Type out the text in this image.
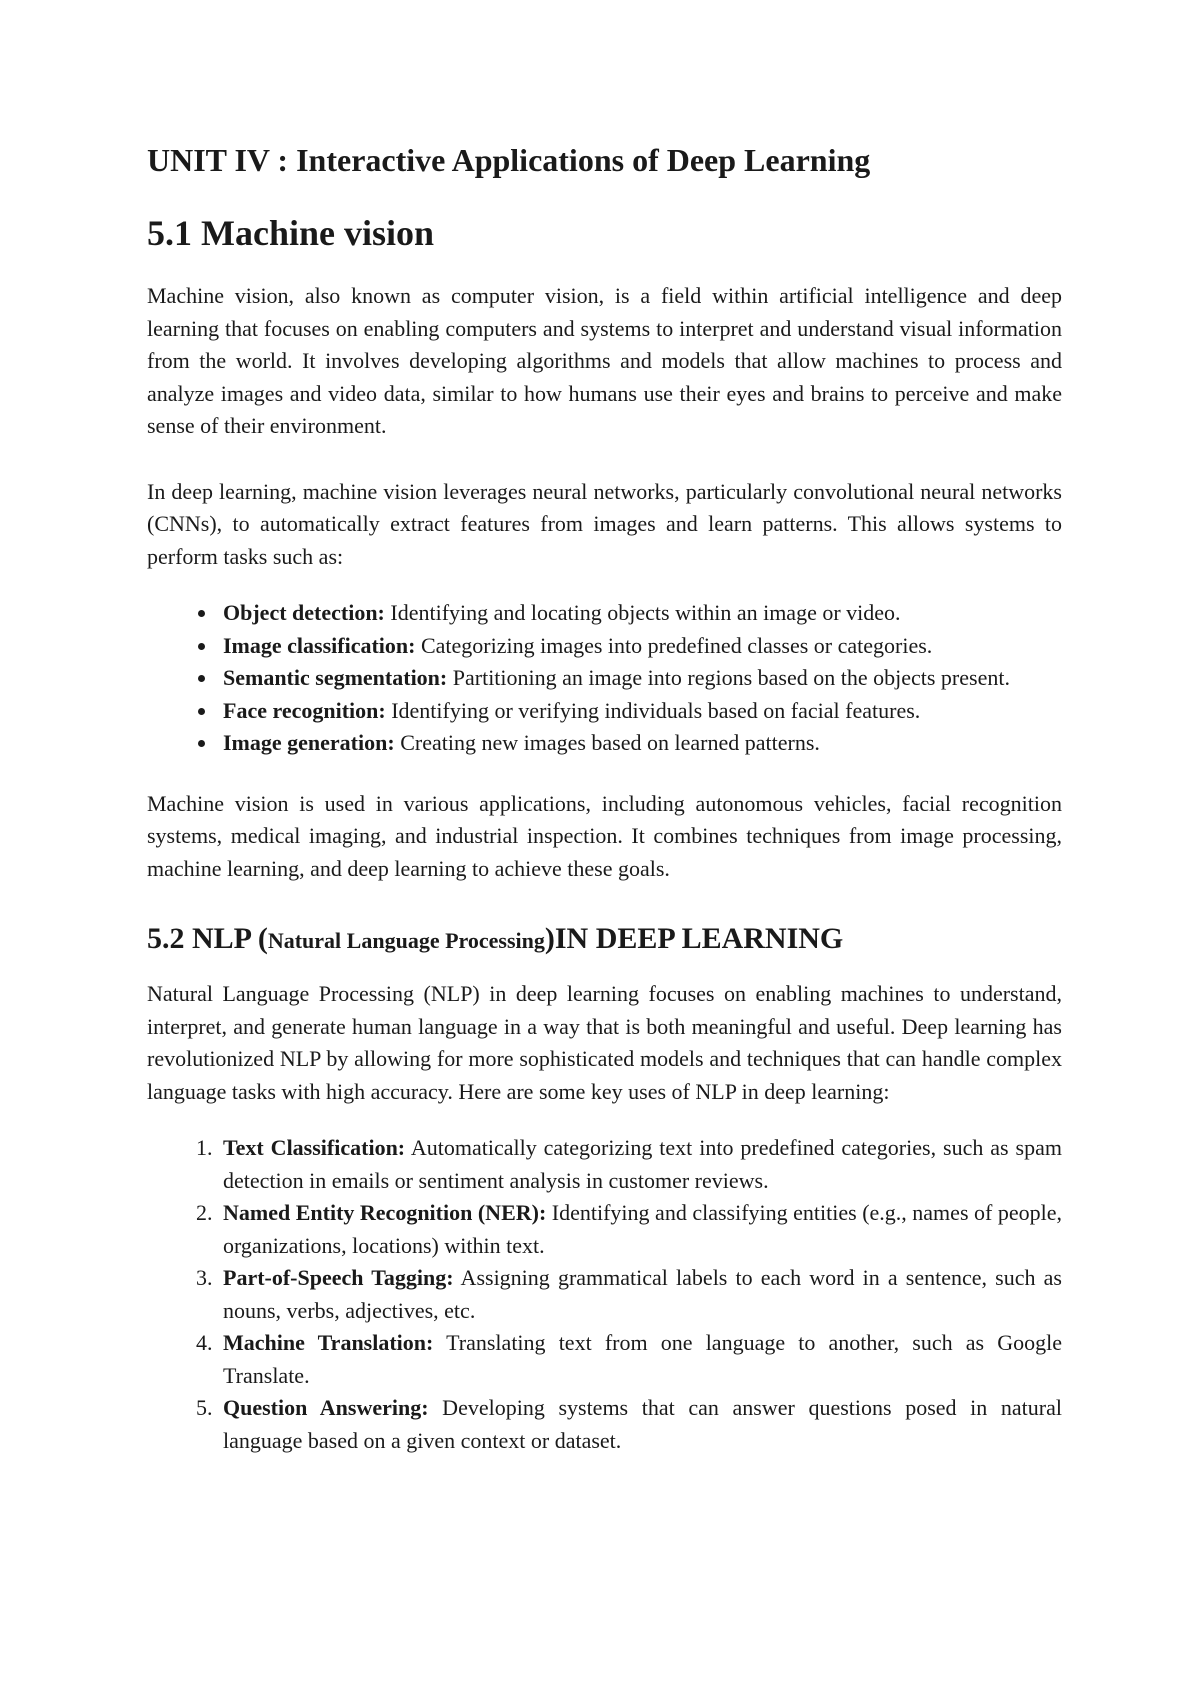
UNIT IV : Interactive Applications of Deep Learning
5.1 Machine vision

Machine vision, also known as computer vision, is a field within artificial intelligence and deep learning that focuses on enabling computers and systems to interpret and understand visual information from the world. It involves developing algorithms and models that allow machines to process and analyze images and video data, similar to how humans use their eyes and brains to perceive and make sense of their environment.

In deep learning, machine vision leverages neural networks, particularly convolutional neural networks (CNNs), to automatically extract features from images and learn patterns. This allows systems to perform tasks such as:

• Object detection: Identifying and locating objects within an image or video.
• Image classification: Categorizing images into predefined classes or categories.
• Semantic segmentation: Partitioning an image into regions based on the objects present.
• Face recognition: Identifying or verifying individuals based on facial features.
• Image generation: Creating new images based on learned patterns.

Machine vision is used in various applications, including autonomous vehicles, facial recognition systems, medical imaging, and industrial inspection. It combines techniques from image processing, machine learning, and deep learning to achieve these goals.

5.2 NLP (Natural Language Processing)IN DEEP LEARNING

Natural Language Processing (NLP) in deep learning focuses on enabling machines to understand, interpret, and generate human language in a way that is both meaningful and useful. Deep learning has revolutionized NLP by allowing for more sophisticated models and techniques that can handle complex language tasks with high accuracy. Here are some key uses of NLP in deep learning:

1. Text Classification: Automatically categorizing text into predefined categories, such as spam detection in emails or sentiment analysis in customer reviews.
2. Named Entity Recognition (NER): Identifying and classifying entities (e.g., names of people, organizations, locations) within text.
3. Part-of-Speech Tagging: Assigning grammatical labels to each word in a sentence, such as nouns, verbs, adjectives, etc.
4. Machine Translation: Translating text from one language to another, such as Google Translate.
5. Question Answering: Developing systems that can answer questions posed in natural language based on a given context or dataset.
